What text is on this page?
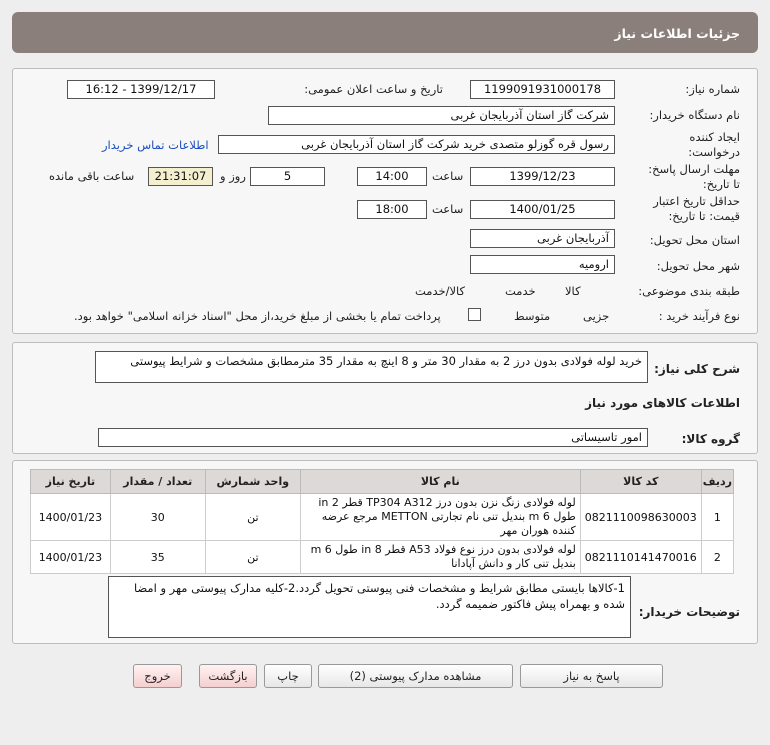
جزئیات اطلاعات نیاز
شماره نیاز:
1199091931000178
تاریخ و ساعت اعلان عمومی:
1399/12/17 - 16:12
نام دستگاه خریدار:
شرکت گاز استان آذربایجان غربی
ایجاد کننده
درخواست:
رسول قره گوزلو متصدی خرید شرکت گاز استان آذربایجان غربی
اطلاعات تماس خریدار
مهلت ارسال پاسخ:
تا تاریخ:
1399/12/23
ساعت
14:00
5
روز و
21:31:07
ساعت باقی مانده
حداقل تاریخ اعتبار
قیمت: تا تاریخ:
1400/01/25
ساعت
18:00
استان محل تحویل:
آذربایجان غربی
شهر محل تحویل:
ارومیه
طبقه بندی موضوعی:

کالا

خدمت

کالا/خدمت
نوع فرآیند خرید :

جزیی
متوسط
پرداخت تمام یا بخشی از مبلغ خرید،از محل "اسناد خزانه اسلامی" خواهد بود.
شرح کلی نیاز:
خرید لوله فولادی بدون درز 2 به مقدار 30 متر و 8 اینچ به مقدار 35 مترمطابق مشخصات و شرایط پیوستی
اطلاعات کالاهای مورد نیاز
گروه کالا:
امور تاسیساتی
ردیف	کد کالا	نام کالا	واحد شمارش	تعداد / مقدار	تاریخ نیاز
1	0821110098630003	لوله فولادی زنگ نزن بدون درز TP304 A312 قطر in 2 طول 6 m بندیل تنی نام تجارتی METTON مرجع عرضه کننده هوران مهر	تن	30	1400/01/23
2	0821110141470016	لوله فولادی بدون درز نوع فولاد A53 قطر in 8 طول m 6 بندیل تنی کار و دانش آپادانا	تن	35	1400/01/23
توضیحات خریدار:
1-کالاها بایستی مطابق شرایط و مشخصات فنی پیوستی تحویل گردد.2-کلیه مدارک پیوستی مهر و امضا شده و بهمراه پیش فاکتور ضمیمه گردد.
پاسخ به نیاز
مشاهده مدارک پیوستی (2)
چاپ
بازگشت
خروج
